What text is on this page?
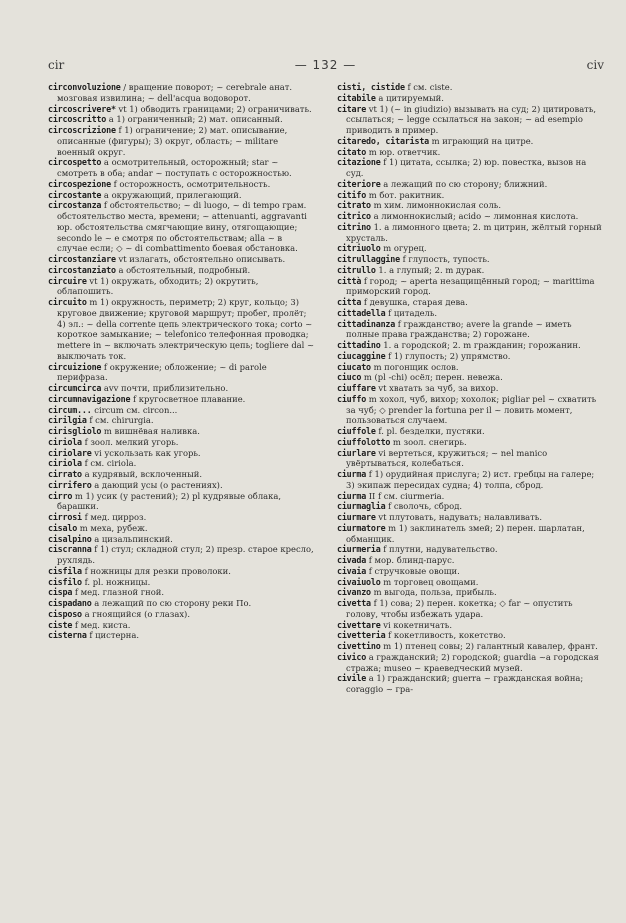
cir	— 132 —	civ

circonvoluzione / вращение поворот; ~ cerebrale анат. мозговая извилина; ~ dell'acqua водоворот.

circoscrivere* vt 1) обводить границами; 2) ограничивать.

circoscritto a 1) ограниченный; 2) мат. описанный.

circoscrizione f 1) ограничение; 2) мат. описывание, описанные (фигуры); 3) округ, область; ~ militare военный округ.

circospetto a осмотрительный, осторожный; star ~ смотреть в оба; andar ~ поступать с осторожностью.

circospezione f осторожность, осмотрительность.

circostante a окружающий, прилегающий.

circostanza f обстоятельство; ~ di luogo, ~ di tempo грам. обстоятельство места, времени; ~ attenuanti, aggravanti юр. обстоятельства смягчающие вину, отягощающие; secondo le ~ е смотря по обстоятельствам; alla ~ в случае если; ◇ ~ di combattimento боевая обстановка.

circostanziare vt излагать, обстоятельно описывать.

circostanziato a обстоятельный, подробный.

circuire vt 1) окружать, обходить; 2) окрутить, облапошить.

circuito m 1) окружность, периметр; 2) круг, кольцо; 3) круговое движение; круговой маршрут; пробег, пролёт; 4) эл.: ~ della corrente цепь электрического тока; corto ~ короткое замыкание; ~ telefonico телефонная проводка; mettere in ~ включать электрическую цепь; togliere dal ~ выключать ток.

circuizione f окружение; обложение; ~ di parole перифраза.

circumcirca avv почти, приблизительно.

circumnavigazione f кругосветное плавание.

circum... circum см. circon...

cirilgia f см. chirurgia.

cirisgliolo m вишнёвая наливка.

ciriola f зоол. мелкий угорь.

ciriolare vi ускользать как угорь.

ciriola f см. ciriola.

cirrato a кудрявый, всклоченный.

cirrifero a дающий усы (о растениях).

cirro m 1) усик (у растений); 2) pl кудрявые облака, барашки.

cirrosi f мед. цирроз.

cisalo m меха, рубеж.

cisalpino a цизальпинский.

ciscranna f 1) стул; складной стул; 2) презр. старое кресло, рухлядь.

cisfila f ножницы для резки проволоки.

cisfilo f. pl. ножницы.

cispa f мед. глазной гной.

cispadano a лежащий по сю сторону реки По.

cisposo a гноящийся (о глазах).

ciste f мед. киста.

cisterna f цистерна.

cisti, cistide f см. ciste.

citabile a цитируемый.

citare vt 1) (~ in giudizio) вызывать на суд; 2) цитировать, ссылаться; ~ legge ссылаться на закон; ~ ad esempio приводить в пример.

citaredo, citarista m играющий на цитре.

citato m юр. ответчик.

citazione f 1) цитата, ссылка; 2) юр. повестка, вызов на суд.

citeriore a лежащий по сю сторону; ближний.

citifo m бот. ракитник.

citrato m хим. лимоннокислая соль.

citrico a лимоннокислый; acido ~ лимонная кислота.

citrino 1. a лимонного цвета; 2. m цитрин, жёлтый горный хрусталь.

citriuolo m огурец.

citrullaggine f глупость, тупость.

citrullo 1. a глупый; 2. m дурак.

città f город; ~ aperta незащищённый город; ~ marittima приморский город.

citta f девушка, старая дева.

cittadella f цитадель.

cittadinanza f гражданство; avere la grande ~ иметь полные права гражданства; 2) горожане.

cittadino 1. a городской; 2. m гражданин; горожанин.

ciucaggine f 1) глупость; 2) упрямство.

ciucato m погонщик ослов.

ciuco m (pl -chi) осёл; перен. невежа.

ciuffare vt хватать за чуб, за вихор.

ciuffo m хохол, чуб, вихор; хохолок; pigliar pel ~ схватить за чуб; ◇ prender la fortuna per il ~ ловить момент, пользоваться случаем.

ciuffole f. pl. безделки, пустяки.

ciuffolotto m зоол. снегирь.

ciurlare vi вертеться, кружиться; ~ nel manico увёртываться, колебаться.

ciurma f 1) орудийная прислуга; 2) ист. гребцы на галере; 3) экипаж пересидах судна; 4) толпа, сброд.

ciurma II f см. ciurmeria.

ciurmaglia f сволочь, сброд.

ciurmare vt плутовать, надувать; налавливать.

ciurmatore m 1) заклинатель змей; 2) перен. шарлатан, обманщик.

ciurmeria f плутни, надувательство.

civada f мор. блинд-парус.

civaia f стручковые овощи.

civaiuolo m торговец овощами.

civanzo m выгода, польза, прибыль.

civetta f 1) сова; 2) перен. кокетка; ◇ far ~ опустить голову, чтобы избежать удара.

civettare vi кокетничать.

civetteria f кокетливость, кокетство.

civettino m 1) птенец совы; 2) галантный кавалер, франт.

civico a гражданский; 2) городской; guardia ~a городская стража; museo ~ краеведческий музей.

civile a 1) гражданский; guerra ~ гражданская война; coraggio ~ гра-
